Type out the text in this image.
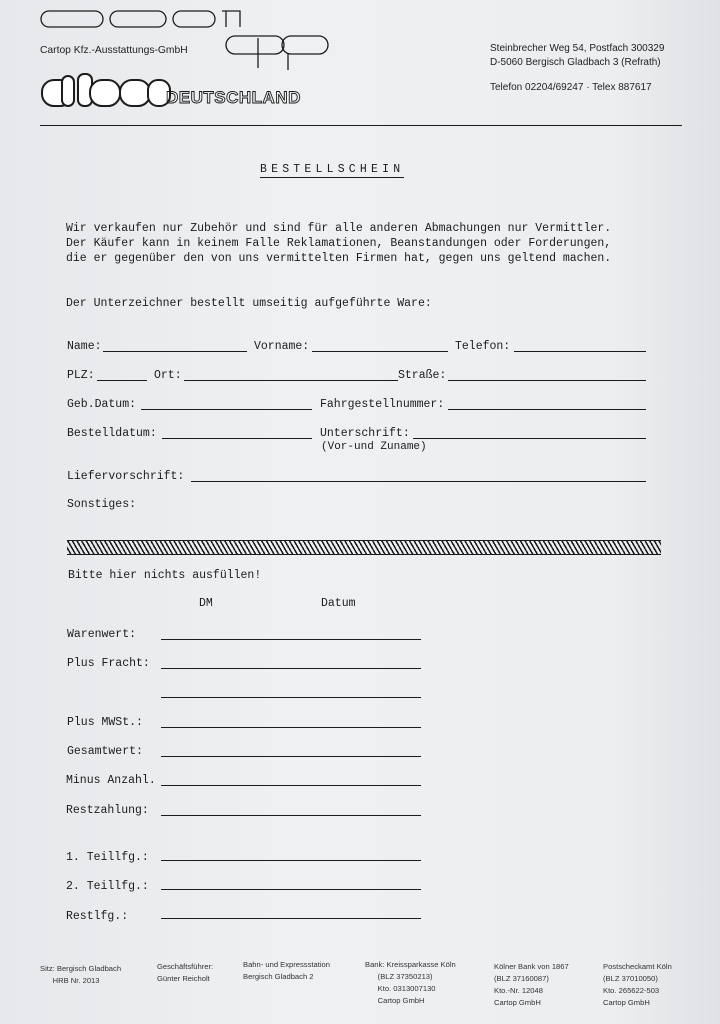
Cartop Kfz.-Ausstattungs-GmbH
DEUTSCHLAND
Steinbrecher Weg 54, Postfach 300329
D-5060 Bergisch Gladbach 3 (Refrath)
Telefon 02204/69247 · Telex 887617
BESTELLSCHEIN
Wir verkaufen nur Zubehör und sind für alle anderen Abmachungen nur Vermittler.
Der Käufer kann in keinem Falle Reklamationen, Beanstandungen oder Forderungen,
die er gegenüber den von uns vermittelten Firmen hat, gegen uns geltend machen.
Der Unterzeichner bestellt umseitig aufgeführte Ware:
Name:	Vorname:	Telefon:
PLZ:	Ort:	Straße:
Geb.Datum:	Fahrgestellnummer:
Bestelldatum:	Unterschrift:
(Vor-und Zuname)
Liefervorschrift:
Sonstiges:
Bitte hier nichts ausfüllen!
DM	Datum
Warenwert:
Plus Fracht:
Plus MWSt.:
Gesamtwert:
Minus Anzahl.
Restzahlung:
1. Teillfg.:
2. Teillfg.:
Restlfg.:
Sitz: Bergisch Gladbach
HRB Nr. 2013
Geschäftsführer:
Günter Reicholt
Bahn- und Expressstation
Bergisch Gladbach 2
Bank: Kreissparkasse Köln
(BLZ 37350213)
Kto. 0313007130
Cartop GmbH
Kölner Bank von 1867
(BLZ 37160087)
Kto.-Nr. 12048
Cartop GmbH
Postscheckamt Köln
(BLZ 37010050)
Kto. 265622-503
Cartop GmbH
